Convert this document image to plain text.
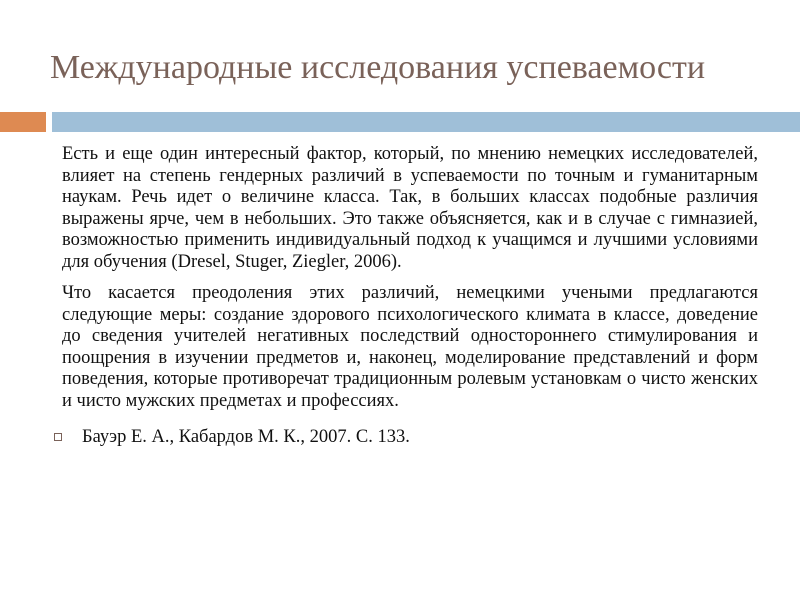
Международные исследования успеваемости

Есть и еще один интересный фактор, который, по мнению немецких исследователей, влияет на степень гендерных различий в успеваемости по точным и гуманитарным наукам. Речь идет о величине класса. Так, в больших классах подобные различия выражены ярче, чем в небольших. Это также объясняется, как и в случае с гимназией, возможностью применить индивидуальный подход к учащимся и лучшими условиями для обучения (Dresel, Stuger, Ziegler, 2006).

Что касается преодоления этих различий, немецкими учеными предлагаются следующие меры: создание здорового психологического климата в классе, доведение до сведения учителей негативных последствий одностороннего стимулирования и поощрения в изучении предметов и, наконец, моделирование представлений и форм поведения, которые противоречат традиционным ролевым установкам о чисто женских и чисто мужских предметах и профессиях.

Бауэр Е. А., Кабардов М. К., 2007. С. 133.
